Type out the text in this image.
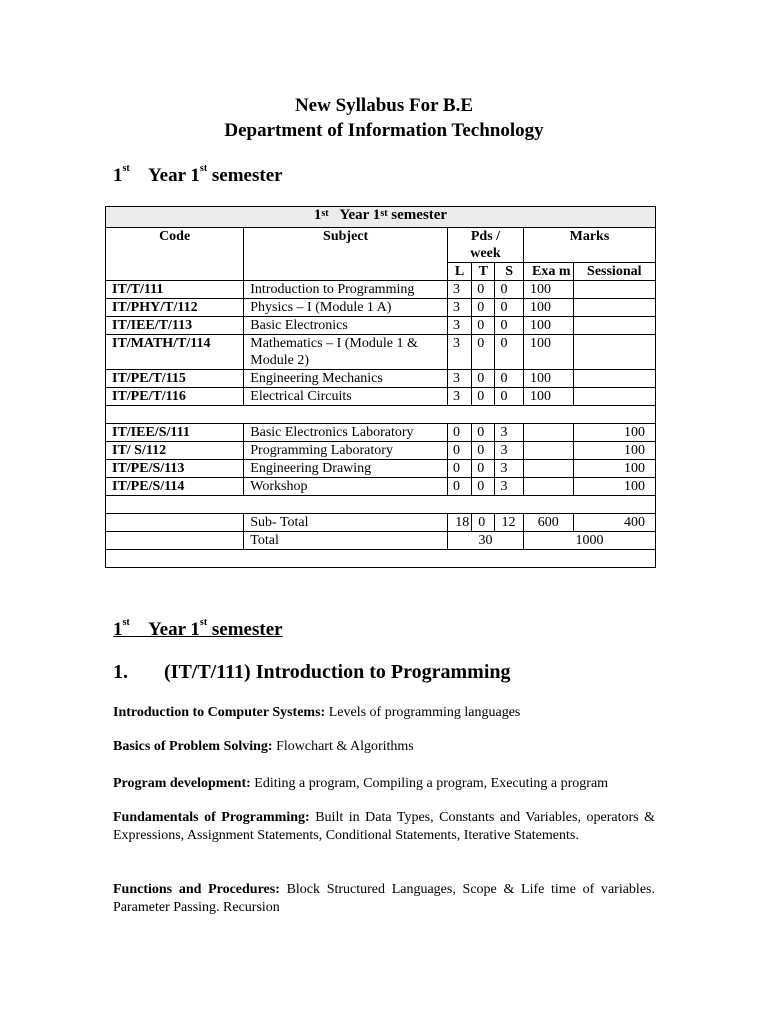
New Syllabus For B.E
Department of Information Technology
1st Year 1st semester
1st Year 1st semester						
Code	Subject	Pds / week			Marks	
		L	T	S	Exa m	Sessional
IT/T/111	Introduction to Programming	3	0	0	100	
IT/PHY/T/112	Physics – I (Module 1 A)	3	0	0	100	
IT/IEE/T/113	Basic Electronics	3	0	0	100	
IT/MATH/T/114	Mathematics – I (Module 1 & Module 2)	3	0	0	100	
IT/PE/T/115	Engineering Mechanics	3	0	0	100	
IT/PE/T/116	Electrical Circuits	3	0	0	100	

IT/IEE/S/111	Basic Electronics Laboratory	0	0	3		100
IT/ S/112	Programming Laboratory	0	0	3		100
IT/PE/S/113	Engineering Drawing	0	0	3		100
IT/PE/S/114	Workshop	0	0	3		100

	Sub- Total	18	0	12	600	400
	Total	30			1000	

1st Year 1st semester
1. (IT/T/111) Introduction to Programming
Introduction to Computer Systems: Levels of programming languages
Basics of Problem Solving: Flowchart & Algorithms
Program development: Editing a program, Compiling a program, Executing a program
Fundamentals of Programming: Built in Data Types, Constants and Variables, operators & Expressions, Assignment Statements, Conditional Statements, Iterative Statements.
Functions and Procedures: Block Structured Languages, Scope & Life time of variables. Parameter Passing. Recursion
